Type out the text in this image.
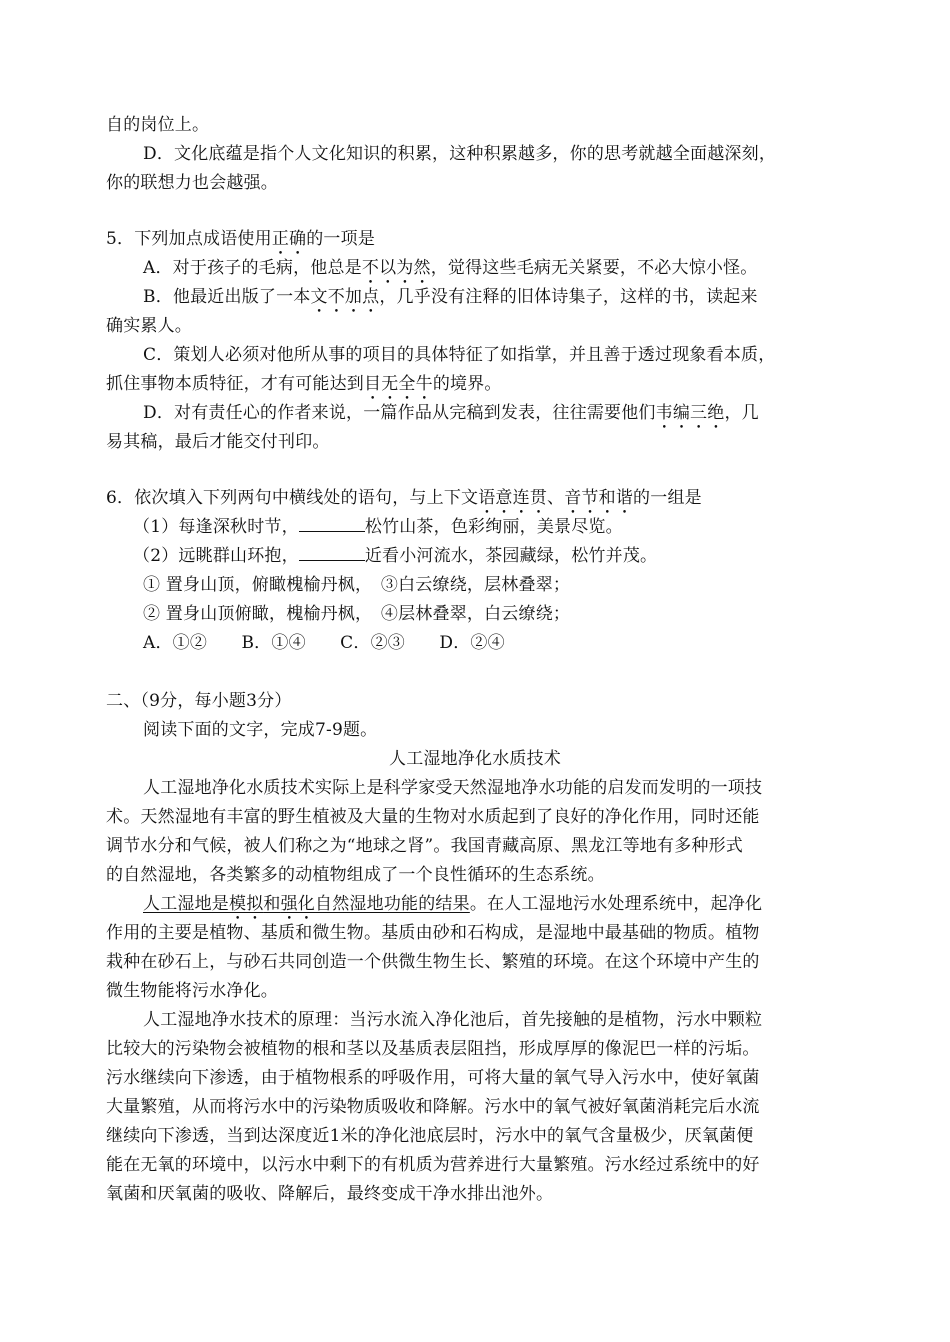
自的岗位上。
D．文化底蕴是指个人文化知识的积累，这种积累越多，你的思考就越全面越深刻，
你的联想力也会越强。
5．下列加点成语使用正确的一项是
A．对于孩子的毛病，他总是不以为然，觉得这些毛病无关紧要，不必大惊小怪。
B．他最近出版了一本文不加点，几乎没有注释的旧体诗集子，这样的书，读起来
确实累人。
C．策划人必须对他所从事的项目的具体特征了如指掌，并且善于透过现象看本质，
抓住事物本质特征，才有可能达到目无全牛的境界。
D．对有责任心的作者来说，一篇作品从完稿到发表，往往需要他们韦编三绝，几
易其稿，最后才能交付刊印。
6．依次填入下列两句中横线处的语句，与上下文语意连贯、音节和谐的一组是
（1）每逢深秋时节，	松竹山茶，色彩绚丽，美景尽览。
（2）远眺群山环抱，	近看小河流水，茶园藏绿，松竹并茂。
① 置身山顶，俯瞰槐榆丹枫，　③白云缭绕，层林叠翠；
② 置身山顶俯瞰，槐榆丹枫，　④层林叠翠，白云缭绕；
A．①②　　B．①④　　C．②③　　D．②④
二、（9分，每小题3分）
阅读下面的文字，完成7-9题。
人工湿地净化水质技术
人工湿地净化水质技术实际上是科学家受天然湿地净水功能的启发而发明的一项技
术。天然湿地有丰富的野生植被及大量的生物对水质起到了良好的净化作用，同时还能
调节水分和气候，被人们称之为“地球之肾”。我国青藏高原、黑龙江等地有多种形式
的自然湿地，各类繁多的动植物组成了一个良性循环的生态系统。
人工湿地是模拟和强化自然湿地功能的结果。在人工湿地污水处理系统中，起净化
作用的主要是植物、基质和微生物。基质由砂和石构成，是湿地中最基础的物质。植物
栽种在砂石上，与砂石共同创造一个供微生物生长、繁殖的环境。在这个环境中产生的
微生物能将污水净化。
人工湿地净水技术的原理：当污水流入净化池后，首先接触的是植物，污水中颗粒
比较大的污染物会被植物的根和茎以及基质表层阻挡，形成厚厚的像泥巴一样的污垢。
污水继续向下渗透，由于植物根系的呼吸作用，可将大量的氧气导入污水中，使好氧菌
大量繁殖，从而将污水中的污染物质吸收和降解。污水中的氧气被好氧菌消耗完后水流
继续向下渗透，当到达深度近1米的净化池底层时，污水中的氧气含量极少，厌氧菌便
能在无氧的环境中，以污水中剩下的有机质为营养进行大量繁殖。污水经过系统中的好
氧菌和厌氧菌的吸收、降解后，最终变成干净水排出池外。
